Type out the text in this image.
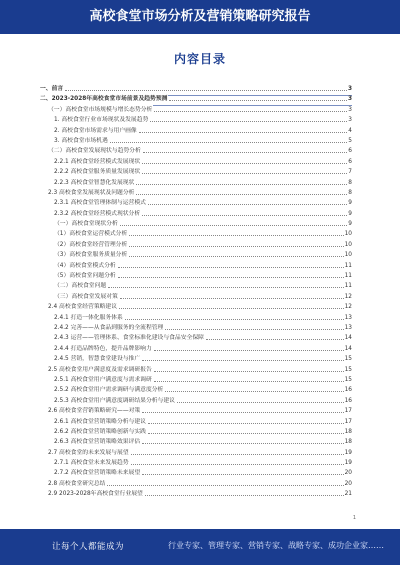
高校食堂市场分析及营销策略研究报告
内容目录
一、前言	3
二、2023-2028年高校食堂市场前景及趋势预测	3
（一）高校食堂市场规模与增长态势分析	3
1. 高校食堂行业市场现状及发展趋势	3
2. 高校食堂市场需求与用户画像	4
3. 高校食堂市场机遇	5
（二）高校食堂发展现状与趋势分析	6
2.2.1 高校食堂经营模式发展现状	6
2.2.2 高校食堂服务质量发展现状	7
2.2.3 高校食堂智慧化发展现状	8
2.3 高校食堂发展现状及问题分析	8
2.3.1 高校食堂管理体制与运营模式	9
2.3.2 高校食堂经营模式现状分析	9
（一）高校食堂现状分析	9
（1）高校食堂运营模式分析	10
（2）高校食堂经营管理分析	10
（3）高校食堂服务质量分析	10
（4）高校食堂模式分析	11
（5）高校食堂问题分析	11
（二）高校食堂问题	11
（三）高校食堂发展对策	12
2.4 高校食堂经营策略建议	12
2.4.1 打造一体化服务体系	13
2.4.2 完善——从食品到服务的全流程管理	13
2.4.3 运营——管理体系、食堂标准化建设与食品安全保障	14
2.4.4 打造品牌特色，提升品牌影响力	14
2.4.5 营销，智慧食堂建设与推广	15
2.5 高校食堂用户满意度及需求调研报告	15
2.5.1 高校食堂用户满意度与需求调研	15
2.5.2 高校食堂用户需求调研与满意度分析	16
2.5.3 高校食堂用户满意度调研结果分析与建议	16
2.6 高校食堂营销策略研究——对策	17
2.6.1 高校食堂营销策略分析与建议	17
2.6.2 高校食堂营销策略创新与实践	18
2.6.3 高校食堂营销策略效果评估	18
2.7 高校食堂的未来发展与展望	19
2.7.1 高校食堂未来发展趋势	19
2.7.2 高校食堂营销策略未来展望	20
2.8 高校食堂研究总结	20
2.9 2023-2028年高校食堂行业展望	21
1
让每个人都能成为	行业专家、管理专家、营销专家、战略专家、成功企业家……
